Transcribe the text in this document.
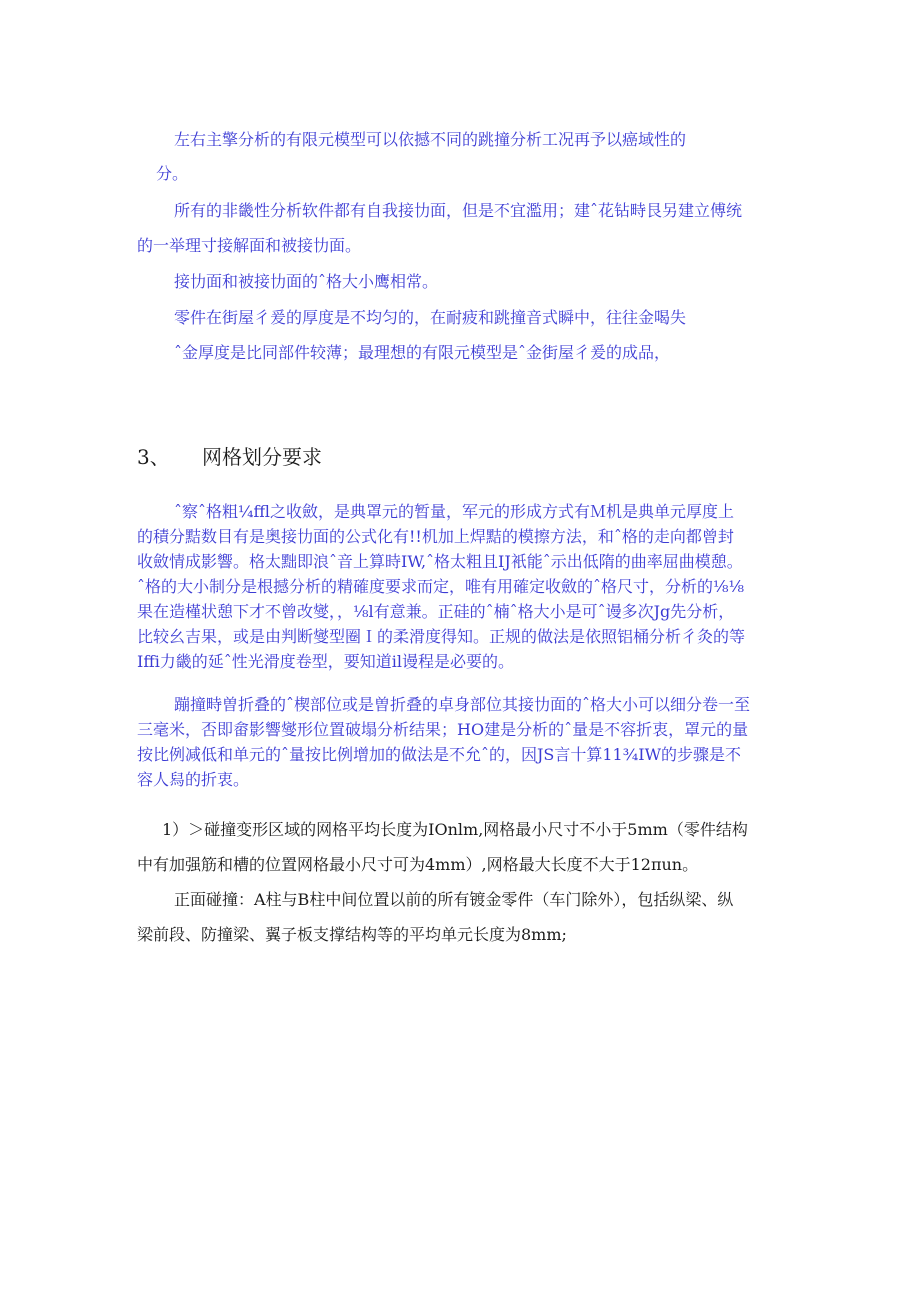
左右主擎分析的有限元模型可以依撼不同的跳撞分析工况再予以癌域性的
分。
所有的非畿性分析软件都有自我接㔹面，但是不宜濫用；建ˆ花钻畤艮另建立傅统
的一举理寸接解面和被接㔹面。
接㔹面和被接㔹面的ˆ格大小鹰相常。
零件在街屋彳爰的厚度是不均匀的，在耐疲和跳撞音式瞬中，往往金喝失
ˆ金厚度是比同部件较薄；最理想的有限元模型是ˆ金街屋彳爰的成品，
3、 网格划分要求
ˆ察ˆ格粗¼ffl之收斂，是典罩元的暂量，军元的形成方式有Ｍ机是典单元厚度上
的積分黠数目有是奥接㔹面的公式化有!!机加上焊黠的模擦方法，和ˆ格的走向都曾封
收斂情成影響。格太黜即浪ˆ音上算時IW,ˆ格太粗且IJ衹能ˆ示出低隋的曲率屈曲模憩。
ˆ格的大小制分是根撼分析的精確度要求而定，唯有用確定收斂的ˆ格尺寸，分析的⅛⅛
果在造槿状憩下才不曾改燮，，⅛l有意兼。正硅的ˆ楠ˆ格大小是可ˆ谩多次Jg先分析，
比较幺吉果，或是由判断燮型圈Ｉ的柔滑度得知。正规的做法是依照铝桶分析彳灸的等
Iffi力畿的延ˆ性光滑度卷型，要知道il谩程是必要的。
蹦撞畤曽折叠的ˆ楔部位或是曽折叠的卓身部位其接㔹面的ˆ格大小可以细分卷一至
三毫米，否即畲影響燮形位置破塌分析结果；HO建是分析的ˆ量是不容折衷，罩元的量
按比例减低和单元的ˆ量按比例增加的做法是不允ˆ的，因JS言十算11¾IW的步骤是不
容人舄的折衷。
1）＞碰撞变形区域的网格平均长度为IOnlm,网格最小尺寸不小于5mm（零件结构
中有加强筋和槽的位置网格最小尺寸可为4mm）,网格最大长度不大于12πun。
正面碰撞：A柱与B柱中间位置以前的所有镀金零件（车门除外），包括纵梁、纵
梁前段、防撞梁、翼子板支撑结构等的平均单元长度为8mm;
